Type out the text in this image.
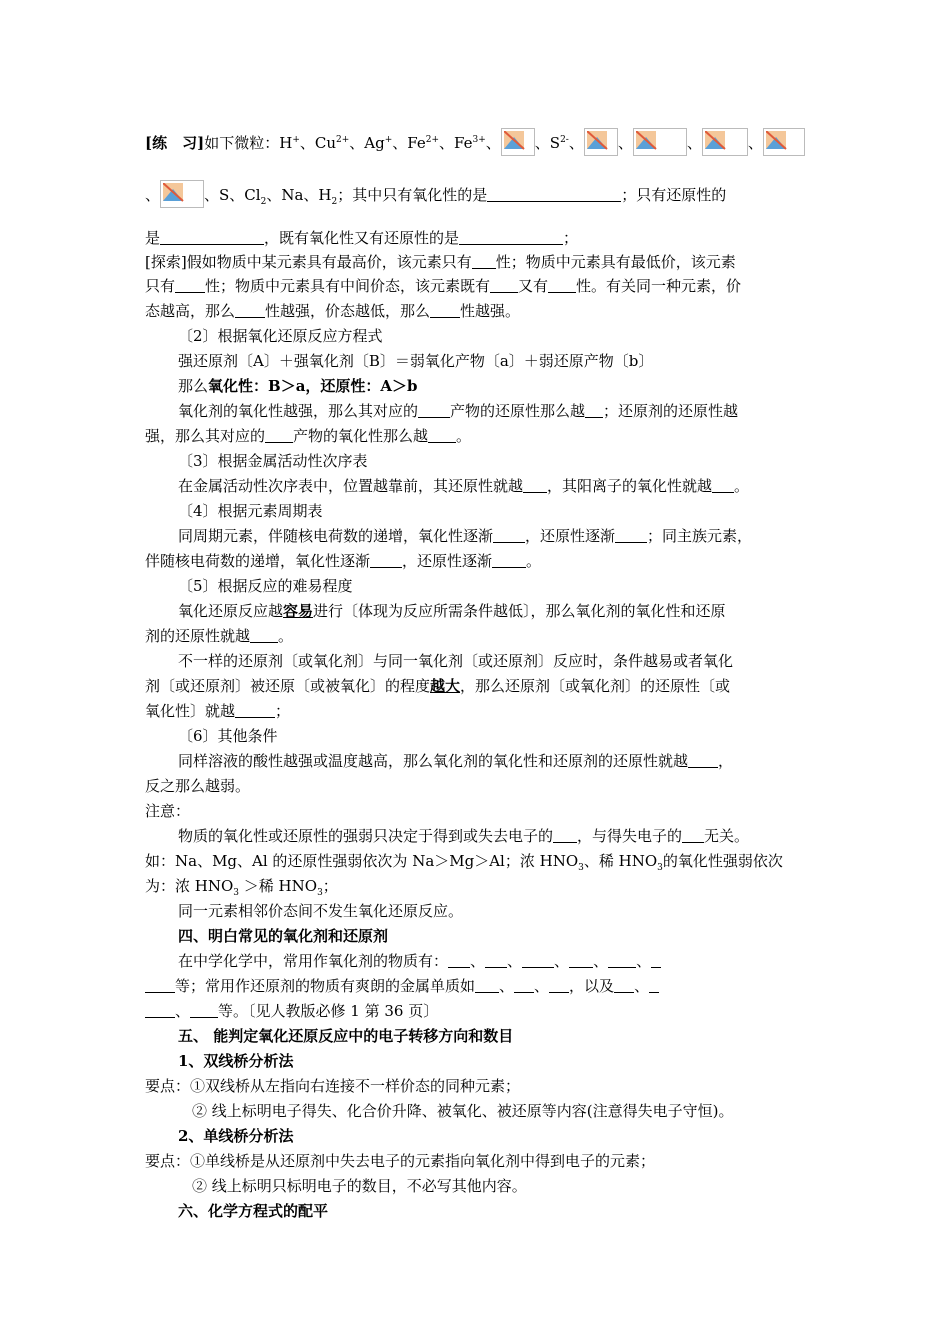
[练　习]如下微粒：H+、$Cu^{2+}$、Ag+、$Fe^{2+}$、$Fe^{3+}$、 、$S^{2-}$、 、	、	、
、	、S、$Cl_2$、Na、$H_2$；其中只有氧化性的是	；只有还原性的
是	，既有氧化性又有还原性的是	；
[探索]假如物质中某元素具有最高价，该元素只有 性；物质中元素具有最低价，该元素
只有 性；物质中元素具有中间价态，该元素既有 又有 性。有关同一种元素，价
态越高，那么 性越强，价态越低，那么 性越强。
〔2〕根据氧化还原反应方程式
强还原剂〔A〕＋强氧化剂〔B〕＝弱氧化产物〔a〕＋弱还原产物〔b〕
那么氧化性：B＞a，还原性：A＞b
氧化剂的氧化性越强，那么其对应的 产物的还原性那么越 ；还原剂的还原性越
强，那么其对应的 产物的氧化性那么越 。
〔3〕根据金属活动性次序表
在金属活动性次序表中，位置越靠前，其还原性就越 ，其阳离子的氧化性就越 。
〔4〕根据元素周期表
同周期元素，伴随核电荷数的递增，氧化性逐渐 ，还原性逐渐 ；同主族元素，
伴随核电荷数的递增，氧化性逐渐 ，还原性逐渐 。
〔5〕根据反应的难易程度
氧化还原反应越容易进行〔体现为反应所需条件越低〕，那么氧化剂的氧化性和还原
剂的还原性就越 。
不一样的还原剂〔或氧化剂〕与同一氧化剂〔或还原剂〕反应时，条件越易或者氧化
剂〔或还原剂〕被还原〔或被氧化〕的程度越大，那么还原剂〔或氧化剂〕的还原性〔或
氧化性〕就越	；
〔6〕其他条件
同样溶液的酸性越强或温度越高，那么氧化剂的氧化性和还原剂的还原性就越 ，
反之那么越弱。
注意：
物质的氧化性或还原性的强弱只决定于得到或失去电子的 ，与得失电子的 无关。
如：Na、Mg、Al 的还原性强弱依次为 Na＞Mg＞Al；浓 $HNO_3$、稀 $HNO_3$的氧化性强弱依次
为：浓 $HNO_3$ ＞稀 $HNO_3$；
同一元素相邻价态间不发生氧化还原反应。
四、明白常见的氧化剂和还原剂
在中学化学中，常用作氧化剂的物质有： 、 、 、 、 、
等；常用作还原剂的物质有爽朗的金属单质如 、 、 ，以及 、
、 等。〔见人教版必修 1 第 36 页〕
五、 能判定氧化还原反应中的电子转移方向和数目
1、双线桥分析法
要点：①双线桥从左指向右连接不一样价态的同种元素；
② 线上标明电子得失、化合价升降、被氧化、被还原等内容(注意得失电子守恒)。
2、单线桥分析法
要点：①单线桥是从还原剂中失去电子的元素指向氧化剂中得到电子的元素；
② 线上标明只标明电子的数目，不必写其他内容。
六、化学方程式的配平
